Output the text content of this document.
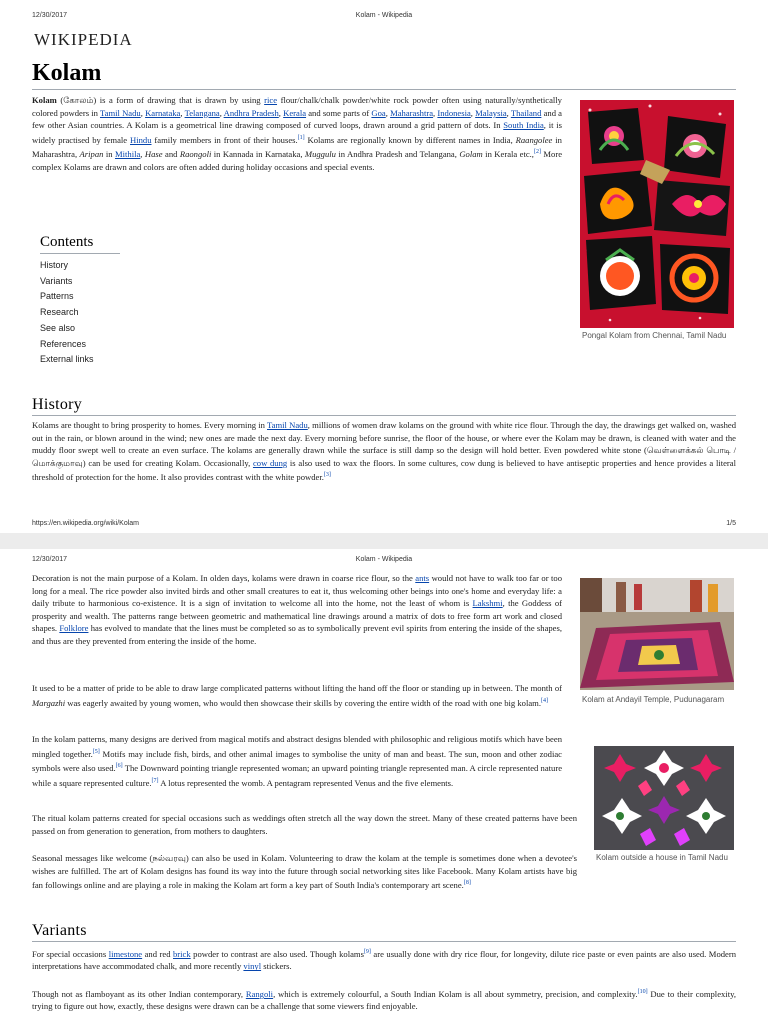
12/30/2017	Kolam - Wikipedia
WIKIPEDIA
Kolam
Kolam (கோலம்) is a form of drawing that is drawn by using rice flour/chalk/chalk powder/white rock powder often using naturally/synthetically colored powders in Tamil Nadu, Karnataka, Telangana, Andhra Pradesh, Kerala and some parts of Goa, Maharashtra, Indonesia, Malaysia, Thailand and a few other Asian countries. A Kolam is a geometrical line drawing composed of curved loops, drawn around a grid pattern of dots. In South India, it is widely practised by female Hindu family members in front of their houses.[1] Kolams are regionally known by different names in India, Raangolee in Maharashtra, Aripan in Mithila, Hase and Raongoli in Kannada in Karnataka, Muggulu in Andhra Pradesh and Telangana, Golam in Kerala etc.,[2] More complex Kolams are drawn and colors are often added during holiday occasions and special events.
Pongal Kolam from Chennai, Tamil Nadu
Contents
History
Variants
Patterns
Research
See also
References
External links
History
Kolams are thought to bring prosperity to homes. Every morning in Tamil Nadu, millions of women draw kolams on the ground with white rice flour. Through the day, the drawings get walked on, washed out in the rain, or blown around in the wind; new ones are made the next day. Every morning before sunrise, the floor of the house, or where ever the Kolam may be drawn, is cleaned with water and the muddy floor swept well to create an even surface. The kolams are generally drawn while the surface is still damp so the design will hold better. Even powdered white stone (வெள்ளைக்கல் பொடி / மொக்குமாவு) can be used for creating Kolam. Occasionally, cow dung is also used to wax the floors. In some cultures, cow dung is believed to have antiseptic properties and hence provides a literal threshold of protection for the home. It also provides contrast with the white powder.[3]
https://en.wikipedia.org/wiki/Kolam	1/5
12/30/2017	Kolam - Wikipedia
Decoration is not the main purpose of a Kolam. In olden days, kolams were drawn in coarse rice flour, so the ants would not have to walk too far or too long for a meal. The rice powder also invited birds and other small creatures to eat it, thus welcoming other beings into one's home and everyday life: a daily tribute to harmonious co-existence. It is a sign of invitation to welcome all into the home, not the least of whom is Lakshmi, the Goddess of prosperity and wealth. The patterns range between geometric and mathematical line drawings around a matrix of dots to free form art work and closed shapes. Folklore has evolved to mandate that the lines must be completed so as to symbolically prevent evil spirits from entering the inside of the shapes, and thus are they prevented from entering the inside of the home.
It used to be a matter of pride to be able to draw large complicated patterns without lifting the hand off the floor or standing up in between. The month of Margazhi was eagerly awaited by young women, who would then showcase their skills by covering the entire width of the road with one big kolam.[4]
In the kolam patterns, many designs are derived from magical motifs and abstract designs blended with philosophic and religious motifs which have been mingled together.[5] Motifs may include fish, birds, and other animal images to symbolise the unity of man and beast. The sun, moon and other zodiac symbols were also used.[6] The Downward pointing triangle represented woman; an upward pointing triangle represented man. A circle represented nature while a square represented culture.[7] A lotus represented the womb. A pentagram represented Venus and the five elements.
The ritual kolam patterns created for special occasions such as weddings often stretch all the way down the street. Many of these created patterns have been passed on from generation to generation, from mothers to daughters.
Seasonal messages like welcome (நல்வரவு) can also be used in Kolam. Volunteering to draw the kolam at the temple is sometimes done when a devotee's wishes are fulfilled. The art of Kolam designs has found its way into the future through social networking sites like Facebook. Many Kolam artists have big fan followings online and are playing a role in making the Kolam art form a key part of South India's contemporary art scene.[8]
Kolam at Andayil Temple, Pudunagaram
Kolam outside a house in Tamil Nadu
Variants
For special occasions limestone and red brick powder to contrast are also used. Though kolams[9] are usually done with dry rice flour, for longevity, dilute rice paste or even paints are also used. Modern interpretations have accommodated chalk, and more recently vinyl stickers.
Though not as flamboyant as its other Indian contemporary, Rangoli, which is extremely colourful, a South Indian Kolam is all about symmetry, precision, and complexity.[10] Due to their complexity, trying to figure out how, exactly, these designs were drawn can be a challenge that some viewers find enjoyable.
